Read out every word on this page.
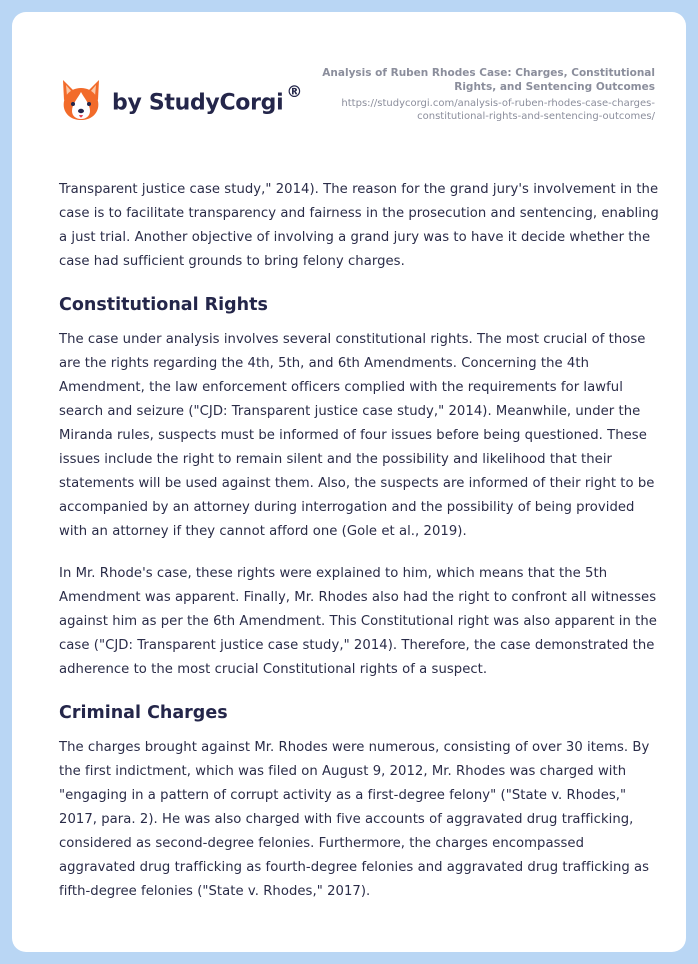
by StudyCorgi ®
Analysis of Ruben Rhodes Case: Charges, Constitutional Rights, and Sentencing Outcomes
https://studycorgi.com/analysis-of-ruben-rhodes-case-charges-constitutional-rights-and-sentencing-outcomes/

Transparent justice case study," 2014). The reason for the grand jury's involvement in the case is to facilitate transparency and fairness in the prosecution and sentencing, enabling a just trial. Another objective of involving a grand jury was to have it decide whether the case had sufficient grounds to bring felony charges.

Constitutional Rights

The case under analysis involves several constitutional rights. The most crucial of those are the rights regarding the 4th, 5th, and 6th Amendments. Concerning the 4th Amendment, the law enforcement officers complied with the requirements for lawful search and seizure ("CJD: Transparent justice case study," 2014). Meanwhile, under the Miranda rules, suspects must be informed of four issues before being questioned. These issues include the right to remain silent and the possibility and likelihood that their statements will be used against them. Also, the suspects are informed of their right to be accompanied by an attorney during interrogation and the possibility of being provided with an attorney if they cannot afford one (Gole et al., 2019).

In Mr. Rhode's case, these rights were explained to him, which means that the 5th Amendment was apparent. Finally, Mr. Rhodes also had the right to confront all witnesses against him as per the 6th Amendment. This Constitutional right was also apparent in the case ("CJD: Transparent justice case study," 2014). Therefore, the case demonstrated the adherence to the most crucial Constitutional rights of a suspect.

Criminal Charges

The charges brought against Mr. Rhodes were numerous, consisting of over 30 items. By the first indictment, which was filed on August 9, 2012, Mr. Rhodes was charged with "engaging in a pattern of corrupt activity as a first-degree felony" ("State v. Rhodes," 2017, para. 2). He was also charged with five accounts of aggravated drug trafficking, considered as second-degree felonies. Furthermore, the charges encompassed aggravated drug trafficking as fourth-degree felonies and aggravated drug trafficking as fifth-degree felonies ("State v. Rhodes," 2017).
